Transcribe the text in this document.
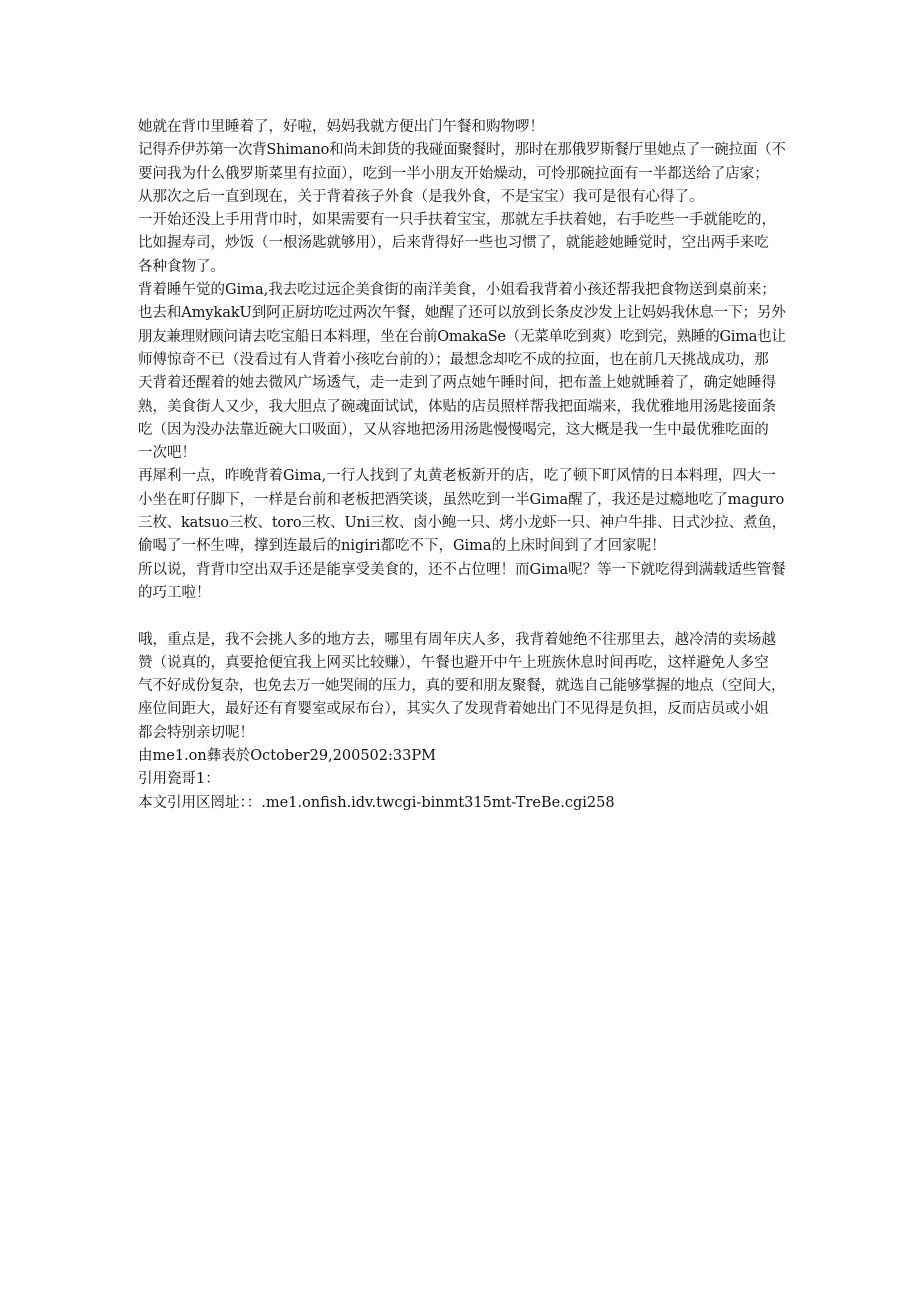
她就在背巾里睡着了，好啦，妈妈我就方便出门午餐和购物啰！
记得乔伊苏第一次背Shimano和尚未卸货的我碰面聚餐时，那时在那俄罗斯餐厅里她点了一碗拉面（不
要问我为什么俄罗斯菜里有拉面），吃到一半小朋友开始燥动，可怜那碗拉面有一半都送给了店家；
从那次之后一直到现在，关于背着孩子外食（是我外食，不是宝宝）我可是很有心得了。
一开始还没上手用背巾时，如果需要有一只手扶着宝宝，那就左手扶着她，右手吃些一手就能吃的，
比如握寿司，炒饭（一根汤匙就够用），后来背得好一些也习惯了，就能趁她睡觉时，空出两手来吃
各种食物了。
背着睡午觉的Gima,我去吃过远企美食街的南洋美食，小姐看我背着小孩还帮我把食物送到桌前来；
也去和AmykakU到阿正厨坊吃过两次午餐，她醒了还可以放到长条皮沙发上让妈妈我休息一下；另外
朋友兼理财顾问请去吃宝船日本料理，坐在台前OmakaSe（无菜单吃到爽）吃到完，熟睡的Gima也让
师傅惊奇不已（没看过有人背着小孩吃台前的）；最想念却吃不成的拉面，也在前几天挑战成功，那
天背着还醒着的她去微风广场透气，走一走到了两点她午睡时间，把布盖上她就睡着了，确定她睡得
熟，美食街人又少，我大胆点了碗魂面试试，体贴的店员照样帮我把面端来，我优雅地用汤匙接面条
吃（因为没办法靠近碗大口吸面），又从容地把汤用汤匙慢慢喝完，这大概是我一生中最优雅吃面的
一次吧！
再犀利一点，昨晚背着Gima,一行人找到了丸黄老板新开的店，吃了顿下町风情的日本料理，四大一
小坐在町仔脚下，一样是台前和老板把酒笑谈，虽然吃到一半Gima醒了，我还是过瘾地吃了maguro
三枚、katsuo三枚、toro三枚、Uni三枚、卤小鲍一只、烤小龙虾一只、神户牛排、日式沙拉、煮鱼，
偷喝了一杯生啤，撑到连最后的nigiri都吃不下，Gima的上床时间到了才回家呢！
所以说，背背巾空出双手还是能享受美食的，还不占位哩！而Gima呢？等一下就吃得到满载适些管餐
的巧工啦！
哦，重点是，我不会挑人多的地方去，哪里有周年庆人多，我背着她绝不往那里去，越冷清的卖场越
赞（说真的，真要抢便宜我上网买比较赚），午餐也避开中午上班族休息时间再吃，这样避免人多空
气不好成份复杂，也免去万一她哭闹的压力，真的要和朋友聚餐，就选自己能够掌握的地点（空间大，
座位间距大，最好还有育婴室或尿布台），其实久了发现背着她出门不见得是负担，反而店员或小姐
都会特别亲切呢！
由me1.on彝表於October29,200502:33PM
引用瓷哥1：
本文引用区罔址：：.me1.onfish.idv.twcgi-binmt315mt-TreBe.cgi258
